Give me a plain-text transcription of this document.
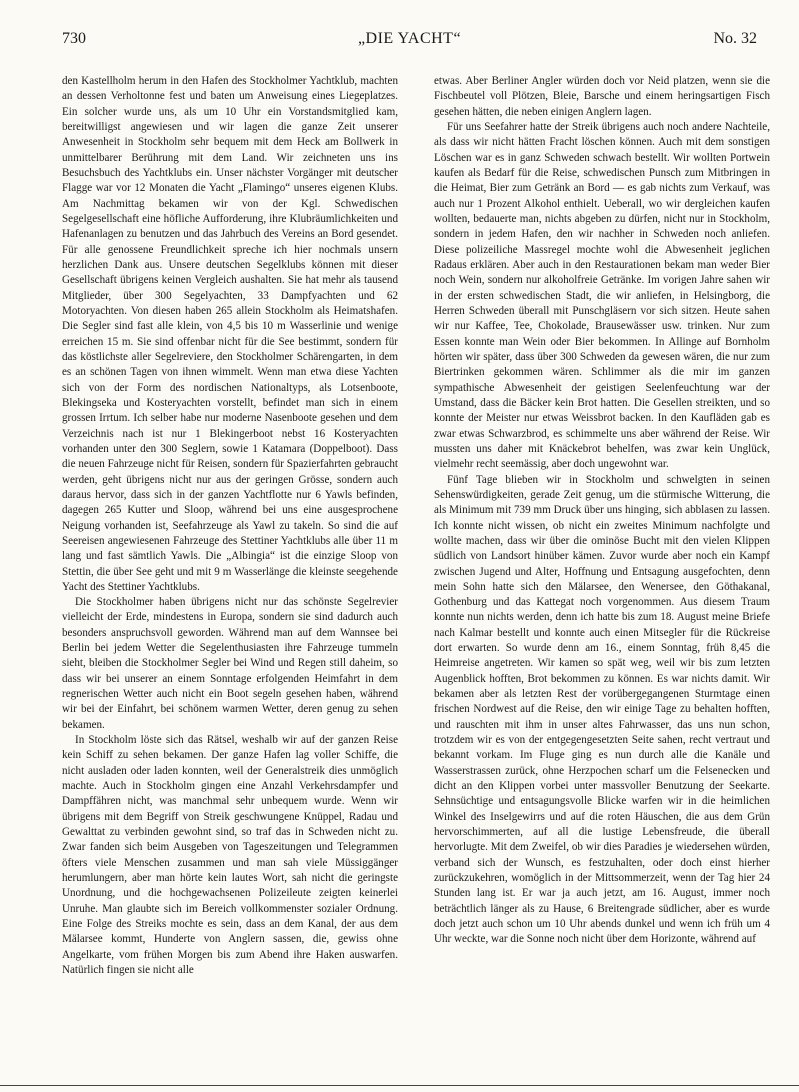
730	„DIE YACHT“	No. 32

den Kastellholm herum in den Hafen des Stockholmer Yachtklub, machten an dessen Verholtonne fest und baten um Anweisung eines Liegeplatzes. Ein solcher wurde uns, als um 10 Uhr ein Vorstandsmitglied kam, bereitwilligst angewiesen und wir lagen die ganze Zeit unserer Anwesenheit in Stockholm sehr bequem mit dem Heck am Bollwerk in unmittelbarer Berührung mit dem Land. Wir zeichneten uns ins Besuchsbuch des Yachtklubs ein. Unser nächster Vorgänger mit deutscher Flagge war vor 12 Monaten die Yacht „Flamingo“ unseres eigenen Klubs. Am Nachmittag bekamen wir von der Kgl. Schwedischen Segelgesellschaft eine höfliche Aufforderung, ihre Klubräumlichkeiten und Hafenanlagen zu benutzen und das Jahrbuch des Vereins an Bord gesendet. Für alle genossene Freundlichkeit spreche ich hier nochmals unsern herzlichen Dank aus. Unsere deutschen Segelklubs können mit dieser Gesellschaft übrigens keinen Vergleich aushalten. Sie hat mehr als tausend Mitglieder, über 300 Segelyachten, 33 Dampfyachten und 62 Motoryachten. Von diesen haben 265 allein Stockholm als Heimatshafen. Die Segler sind fast alle klein, von 4,5 bis 10 m Wasserlinie und wenige erreichen 15 m. Sie sind offenbar nicht für die See bestimmt, sondern für das köstlichste aller Segelreviere, den Stockholmer Schärengarten, in dem es an schönen Tagen von ihnen wimmelt. Wenn man etwa diese Yachten sich von der Form des nordischen Nationaltyps, als Lotsenboote, Blekingseka und Kosteryachten vorstellt, befindet man sich in einem grossen Irrtum. Ich selber habe nur moderne Nasenboote gesehen und dem Verzeichnis nach ist nur 1 Blekingerboot nebst 16 Kosteryachten vorhanden unter den 300 Seglern, sowie 1 Katamara (Doppelboot). Dass die neuen Fahrzeuge nicht für Reisen, sondern für Spazierfahrten gebraucht werden, geht übrigens nicht nur aus der geringen Grösse, sondern auch daraus hervor, dass sich in der ganzen Yachtflotte nur 6 Yawls befinden, dagegen 265 Kutter und Sloop, während bei uns eine ausgesprochene Neigung vorhanden ist, Seefahrzeuge als Yawl zu takeln. So sind die auf Seereisen angewiesenen Fahrzeuge des Stettiner Yachtklubs alle über 11 m lang und fast sämtlich Yawls. Die „Albingia“ ist die einzige Sloop von Stettin, die über See geht und mit 9 m Wasserlänge die kleinste seegehende Yacht des Stettiner Yachtklubs.

Die Stockholmer haben übrigens nicht nur das schönste Segelrevier vielleicht der Erde, mindestens in Europa, sondern sie sind dadurch auch besonders anspruchsvoll geworden. Während man auf dem Wannsee bei Berlin bei jedem Wetter die Segelenthusiasten ihre Fahrzeuge tummeln sieht, bleiben die Stockholmer Segler bei Wind und Regen still daheim, so dass wir bei unserer an einem Sonntage erfolgenden Heimfahrt in dem regnerischen Wetter auch nicht ein Boot segeln gesehen haben, während wir bei der Einfahrt, bei schönem warmen Wetter, deren genug zu sehen bekamen.

In Stockholm löste sich das Rätsel, weshalb wir auf der ganzen Reise kein Schiff zu sehen bekamen. Der ganze Hafen lag voller Schiffe, die nicht ausladen oder laden konnten, weil der Generalstreik dies unmöglich machte. Auch in Stockholm gingen eine Anzahl Verkehrsdampfer und Dampffähren nicht, was manchmal sehr unbequem wurde. Wenn wir übrigens mit dem Begriff von Streik geschwungene Knüppel, Radau und Gewalttat zu verbinden gewohnt sind, so traf das in Schweden nicht zu. Zwar fanden sich beim Ausgeben von Tageszeitungen und Telegrammen öfters viele Menschen zusammen und man sah viele Müssiggänger herumlungern, aber man hörte kein lautes Wort, sah nicht die geringste Unordnung, und die hochgewachsenen Polizeileute zeigten keinerlei Unruhe. Man glaubte sich im Bereich vollkommenster sozialer Ordnung. Eine Folge des Streiks mochte es sein, dass an dem Kanal, der aus dem Mälarsee kommt, Hunderte von Anglern sassen, die, gewiss ohne Angelkarte, vom frühen Morgen bis zum Abend ihre Haken auswarfen. Natürlich fingen sie nicht alle

etwas. Aber Berliner Angler würden doch vor Neid platzen, wenn sie die Fischbeutel voll Plötzen, Bleie, Barsche und einem heringsartigen Fisch gesehen hätten, die neben einigen Anglern lagen.

Für uns Seefahrer hatte der Streik übrigens auch noch andere Nachteile, als dass wir nicht hätten Fracht löschen können. Auch mit dem sonstigen Löschen war es in ganz Schweden schwach bestellt. Wir wollten Portwein kaufen als Bedarf für die Reise, schwedischen Punsch zum Mitbringen in die Heimat, Bier zum Getränk an Bord — es gab nichts zum Verkauf, was auch nur 1 Prozent Alkohol enthielt. Ueberall, wo wir dergleichen kaufen wollten, bedauerte man, nichts abgeben zu dürfen, nicht nur in Stockholm, sondern in jedem Hafen, den wir nachher in Schweden noch anliefen. Diese polizeiliche Massregel mochte wohl die Abwesenheit jeglichen Radaus erklären. Aber auch in den Restaurationen bekam man weder Bier noch Wein, sondern nur alkoholfreie Getränke. Im vorigen Jahre sahen wir in der ersten schwedischen Stadt, die wir anliefen, in Helsingborg, die Herren Schweden überall mit Punschgläsern vor sich sitzen. Heute sahen wir nur Kaffee, Tee, Chokolade, Brausewässer usw. trinken. Nur zum Essen konnte man Wein oder Bier bekommen. In Allinge auf Bornholm hörten wir später, dass über 300 Schweden da gewesen wären, die nur zum Biertrinken gekommen wären. Schlimmer als die mir im ganzen sympathische Abwesenheit der geistigen Seelenfeuchtung war der Umstand, dass die Bäcker kein Brot hatten. Die Gesellen streikten, und so konnte der Meister nur etwas Weissbrot backen. In den Kaufläden gab es zwar etwas Schwarzbrod, es schimmelte uns aber während der Reise. Wir mussten uns daher mit Knäckebrot behelfen, was zwar kein Unglück, vielmehr recht seemässig, aber doch ungewohnt war.

Fünf Tage blieben wir in Stockholm und schwelgten in seinen Sehenswürdigkeiten, gerade Zeit genug, um die stürmische Witterung, die als Minimum mit 739 mm Druck über uns hinging, sich abblasen zu lassen. Ich konnte nicht wissen, ob nicht ein zweites Minimum nachfolgte und wollte machen, dass wir über die ominöse Bucht mit den vielen Klippen südlich von Landsort hinüber kämen. Zuvor wurde aber noch ein Kampf zwischen Jugend und Alter, Hoffnung und Entsagung ausgefochten, denn mein Sohn hatte sich den Mälarsee, den Wenersee, den Göthakanal, Gothenburg und das Kattegat noch vorgenommen. Aus diesem Traum konnte nun nichts werden, denn ich hatte bis zum 18. August meine Briefe nach Kalmar bestellt und konnte auch einen Mitsegler für die Rückreise dort erwarten. So wurde denn am 16., einem Sonntag, früh 8,45 die Heimreise angetreten. Wir kamen so spät weg, weil wir bis zum letzten Augenblick hofften, Brot bekommen zu können. Es war nichts damit. Wir bekamen aber als letzten Rest der vorübergegangenen Sturmtage einen frischen Nordwest auf die Reise, den wir einige Tage zu behalten hofften, und rauschten mit ihm in unser altes Fahrwasser, das uns nun schon, trotzdem wir es von der entgegengesetzten Seite sahen, recht vertraut und bekannt vorkam. Im Fluge ging es nun durch alle die Kanäle und Wasserstrassen zurück, ohne Herzpochen scharf um die Felsenecken und dicht an den Klippen vorbei unter massvoller Benutzung der Seekarte. Sehnsüchtige und entsagungsvolle Blicke warfen wir in die heimlichen Winkel des Inselgewirrs und auf die roten Häuschen, die aus dem Grün hervorschimmerten, auf all die lustige Lebensfreude, die überall hervorlugte. Mit dem Zweifel, ob wir dies Paradies je wiedersehen würden, verband sich der Wunsch, es festzuhalten, oder doch einst hierher zurückzukehren, womöglich in der Mittsommerzeit, wenn der Tag hier 24 Stunden lang ist. Er war ja auch jetzt, am 16. August, immer noch beträchtlich länger als zu Hause, 6 Breitengrade südlicher, aber es wurde doch jetzt auch schon um 10 Uhr abends dunkel und wenn ich früh um 4 Uhr weckte, war die Sonne noch nicht über dem Horizonte, während auf
